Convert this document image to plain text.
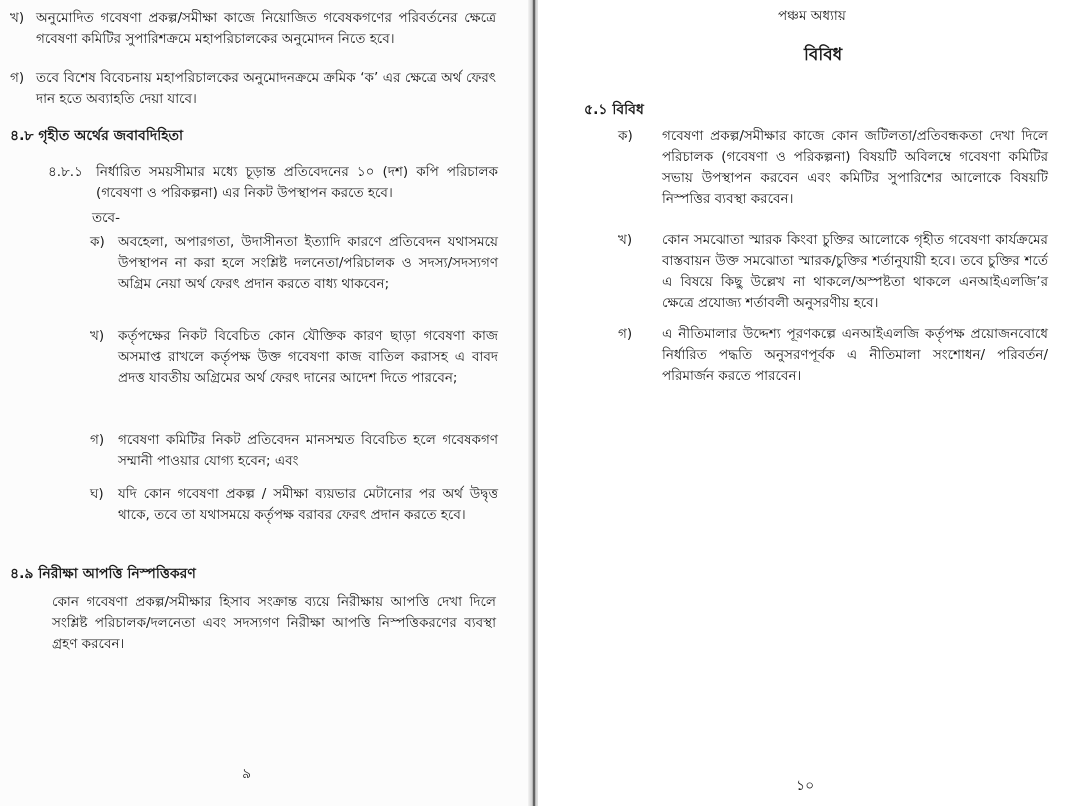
খ) অনুমোদিত গবেষণা প্রকল্প/সমীক্ষা কাজে নিয়োজিত গবেষকগণের পরিবর্তনের ক্ষেত্রে গবেষণা কমিটির সুপারিশক্রমে মহাপরিচালকের অনুমোদন নিতে হবে।
গ) তবে বিশেষ বিবেচনায় মহাপরিচালকের অনুমোদনক্রমে ক্রমিক ‘ক’ এর ক্ষেত্রে অর্থ ফেরৎ দান হতে অব্যাহতি দেয়া যাবে।
৪.৮ গৃহীত অর্থের জবাবদিহিতা
৪.৮.১ নির্ধারিত সময়সীমার মধ্যে চূড়ান্ত প্রতিবেদনের ১০ (দশ) কপি পরিচালক (গবেষণা ও পরিকল্পনা) এর নিকট উপস্থাপন করতে হবে।
তবে-
ক) অবহেলা, অপারগতা, উদাসীনতা ইত্যাদি কারণে প্রতিবেদন যথাসময়ে উপস্থাপন না করা হলে সংশ্লিষ্ট দলনেতা/পরিচালক ও সদস্য/সদস্যগণ অগ্রিম নেয়া অর্থ ফেরৎ প্রদান করতে বাধ্য থাকবেন;
খ) কর্তৃপক্ষের নিকট বিবেচিত কোন যৌক্তিক কারণ ছাড়া গবেষণা কাজ অসমাপ্ত রাখলে কর্তৃপক্ষ উক্ত গবেষণা কাজ বাতিল করাসহ এ বাবদ প্রদত্ত যাবতীয় অগ্রিমের অর্থ ফেরৎ দানের আদেশ দিতে পারবেন;
গ) গবেষণা কমিটির নিকট প্রতিবেদন মানসম্মত বিবেচিত হলে গবেষকগণ সম্মানী পাওয়ার যোগ্য হবেন; এবং
ঘ) যদি কোন গবেষণা প্রকল্প / সমীক্ষা ব্যয়ভার মেটানোর পর অর্থ উদ্বৃত্ত থাকে, তবে তা যথাসময়ে কর্তৃপক্ষ বরাবর ফেরৎ প্রদান করতে হবে।
৪.৯ নিরীক্ষা আপত্তি নিস্পত্তিকরণ
কোন গবেষণা প্রকল্প/সমীক্ষার হিসাব সংক্রান্ত ব্যয়ে নিরীক্ষায় আপত্তি দেখা দিলে সংশ্লিষ্ট পরিচালক/দলনেতা এবং সদস্যগণ নিরীক্ষা আপত্তি নিস্পত্তিকরণের ব্যবস্থা গ্রহণ করবেন।
৯
পঞ্চম অধ্যায়
বিবিধ
৫.১ বিবিধ
ক) গবেষণা প্রকল্প/সমীক্ষার কাজে কোন জটিলতা/প্রতিবন্ধকতা দেখা দিলে পরিচালক (গবেষণা ও পরিকল্পনা) বিষয়টি অবিলম্বে গবেষণা কমিটির সভায় উপস্থাপন করবেন এবং কমিটির সুপারিশের আলোকে বিষয়টি নিস্পত্তির ব্যবস্থা করবেন।
খ) কোন সমঝোতা স্মারক কিংবা চুক্তির আলোকে গৃহীত গবেষণা কার্যক্রমের বাস্তবায়ন উক্ত সমঝোতা স্মারক/চুক্তির শর্তানুযায়ী হবে। তবে চুক্তির শর্তে এ বিষয়ে কিছু উল্লেখ না থাকলে/অস্পষ্টতা থাকলে এনআইএলজি’র ক্ষেত্রে প্রযোজ্য শর্তাবলী অনুসরণীয় হবে।
গ) এ নীতিমালার উদ্দেশ্য পূরণকল্পে এনআইএলজি কর্তৃপক্ষ প্রয়োজনবোধে নির্ধারিত পদ্ধতি অনুসরণপূর্বক এ নীতিমালা সংশোধন/ পরিবর্তন/পরিমার্জন করতে পারবেন।
১০
